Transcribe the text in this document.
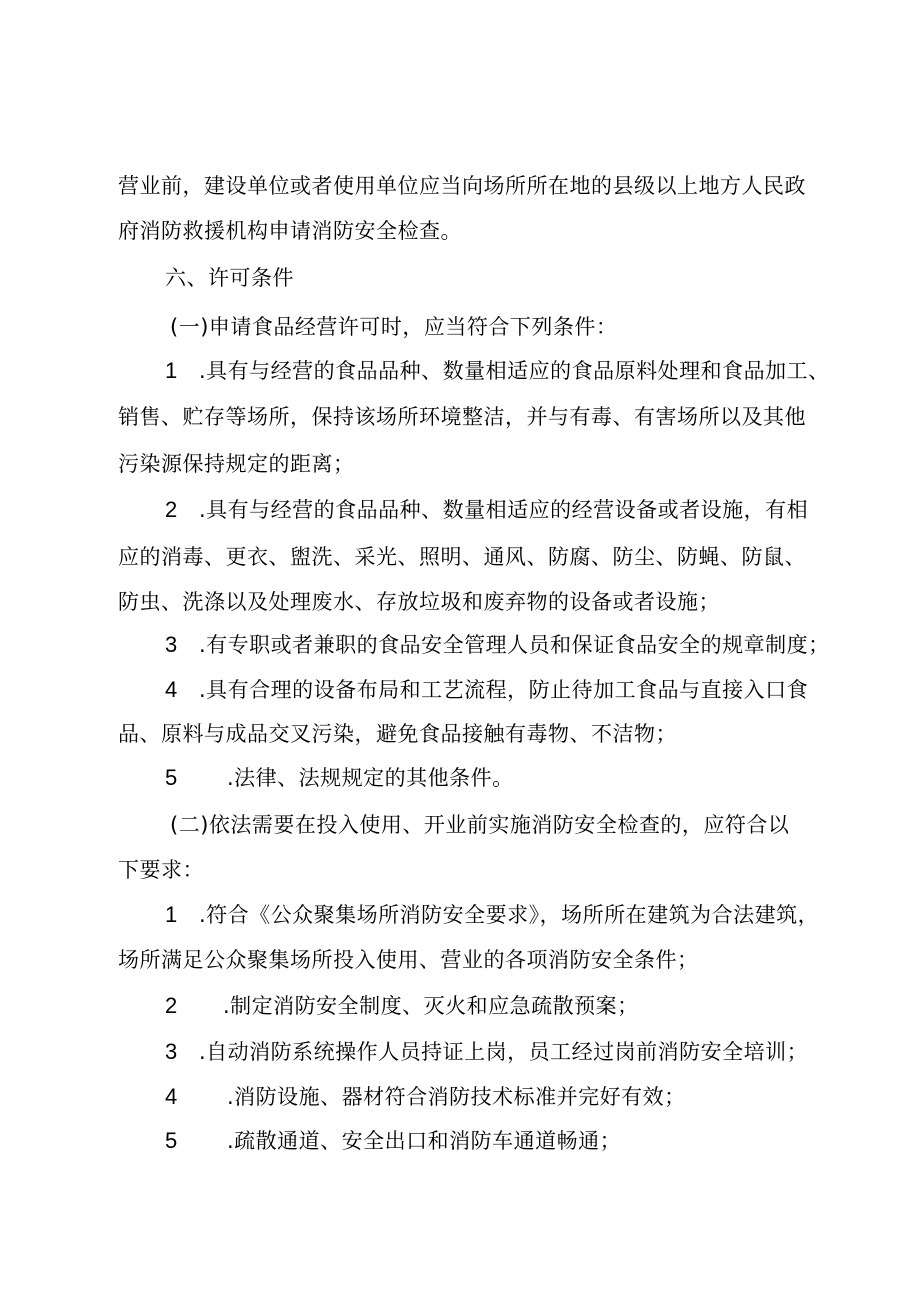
营业前，建设单位或者使用单位应当向场所所在地的县级以上地方人民政
府消防救援机构申请消防安全检查。
六、许可条件
(一)申请食品经营许可时，应当符合下列条件：
1 .具有与经营的食品品种、数量相适应的食品原料处理和食品加工、
销售、贮存等场所，保持该场所环境整洁，并与有毒、有害场所以及其他
污染源保持规定的距离；
2 .具有与经营的食品品种、数量相适应的经营设备或者设施，有相
应的消毒、更衣、盥洗、采光、照明、通风、防腐、防尘、防蝇、防鼠、
防虫、洗涤以及处理废水、存放垃圾和废弃物的设备或者设施；
3 .有专职或者兼职的食品安全管理人员和保证食品安全的规章制度；
4 .具有合理的设备布局和工艺流程，防止待加工食品与直接入口食
品、原料与成品交叉污染，避免食品接触有毒物、不洁物；
5 .法律、法规规定的其他条件。
(二)依法需要在投入使用、开业前实施消防安全检查的，应符合以
下要求：
1 .符合《公众聚集场所消防安全要求》，场所所在建筑为合法建筑，
场所满足公众聚集场所投入使用、营业的各项消防安全条件；
2 .制定消防安全制度、灭火和应急疏散预案；
3 .自动消防系统操作人员持证上岗，员工经过岗前消防安全培训；
4 .消防设施、器材符合消防技术标准并完好有效；
5 .疏散通道、安全出口和消防车通道畅通；
